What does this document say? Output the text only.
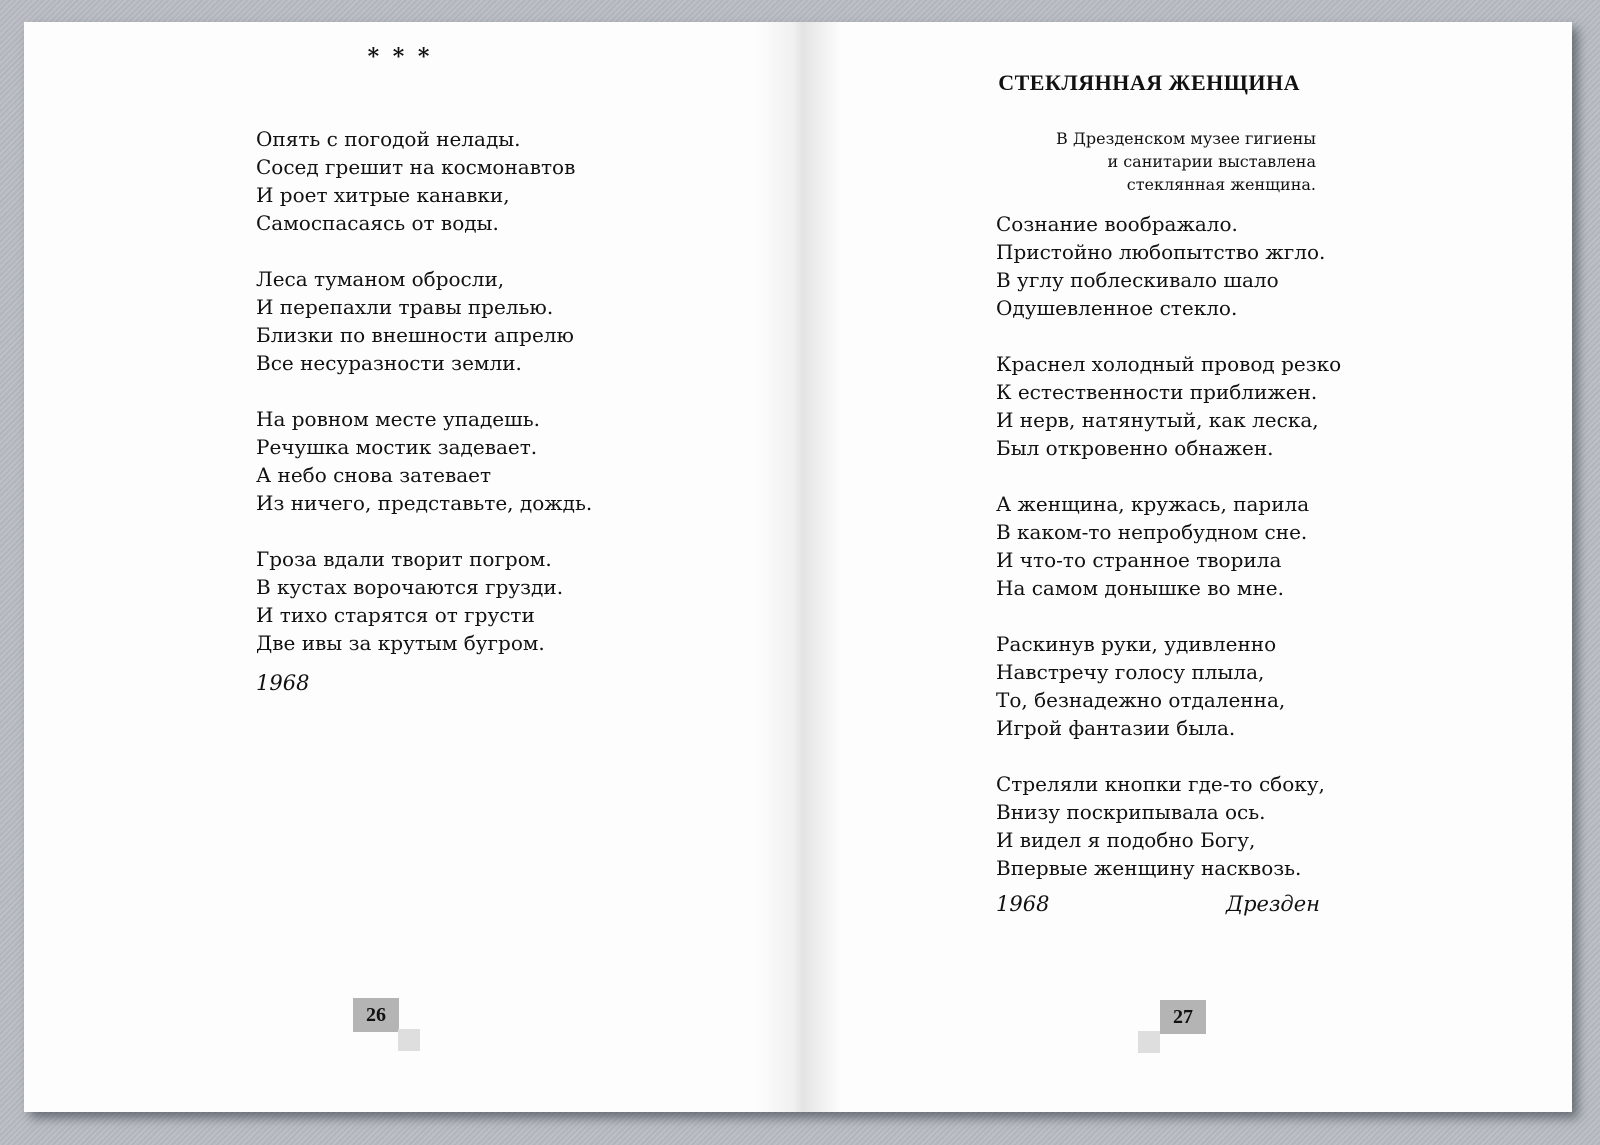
* * *
Опять с погодой нелады.
Сосед грешит на космонавтов
И роет хитрые канавки,
Самоспасаясь от воды.
Леса туманом обросли,
И перепахли травы прелью.
Близки по внешности апрелю
Все несуразности земли.
На ровном месте упадешь.
Речушка мостик задевает.
А небо снова затевает
Из ничего, представьте, дождь.
Гроза вдали творит погром.
В кустах ворочаются грузди.
И тихо старятся от грусти
Две ивы за крутым бугром.
1968
26
СТЕКЛЯННАЯ ЖЕНЩИНА
В Дрезденском музее гигиены
и санитарии выставлена
стеклянная женщина.
Сознание воображало.
Пристойно любопытство жгло.
В углу поблескивало шало
Одушевленное стекло.
Краснел холодный провод резко
К естественности приближен.
И нерв, натянутый, как леска,
Был откровенно обнажен.
А женщина, кружась, парила
В каком-то непробудном сне.
И что-то странное творила
На самом донышке во мне.
Раскинув руки, удивленно
Навстречу голосу плыла,
То, безнадежно отдаленна,
Игрой фантазии была.
Стреляли кнопки где-то сбоку,
Внизу поскрипывала ось.
И видел я подобно Богу,
Впервые женщину насквозь.
1968	Дрезден
27
